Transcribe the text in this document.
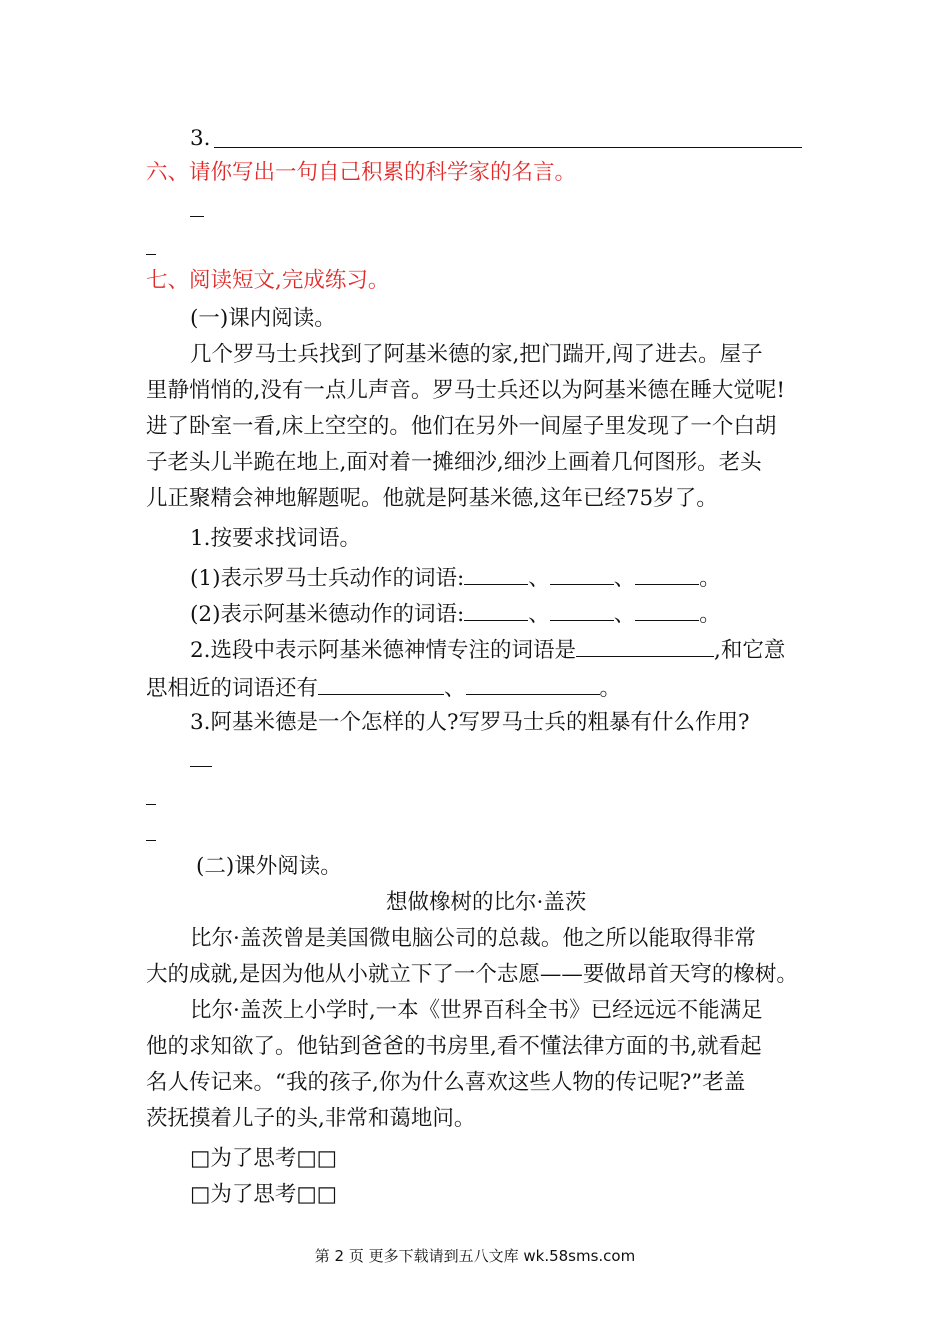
3.
六、请你写出一句自己积累的科学家的名言。
七、阅读短文,完成练习。
(一)课内阅读。
几个罗马士兵找到了阿基米德的家,把门踹开,闯了进去。屋子
里静悄悄的,没有一点儿声音。罗马士兵还以为阿基米德在睡大觉呢!
进了卧室一看,床上空空的。他们在另外一间屋子里发现了一个白胡
子老头儿半跪在地上,面对着一摊细沙,细沙上画着几何图形。老头
儿正聚精会神地解题呢。他就是阿基米德,这年已经75岁了。
1.按要求找词语。
(1)表示罗马士兵动作的词语:	、	、	。
(2)表示阿基米德动作的词语:	、	、	。
2.选段中表示阿基米德神情专注的词语是	,和它意
思相近的词语还有	、	。
3.阿基米德是一个怎样的人?写罗马士兵的粗暴有什么作用?
(二)课外阅读。
想做橡树的比尔·盖茨
比尔·盖茨曾是美国微电脑公司的总裁。他之所以能取得非常
大的成就,是因为他从小就立下了一个志愿——要做昂首天穹的橡树。
比尔·盖茨上小学时,一本《世界百科全书》已经远远不能满足
他的求知欲了。他钻到爸爸的书房里,看不懂法律方面的书,就看起
名人传记来。“我的孩子,你为什么喜欢这些人物的传记呢?”老盖
茨抚摸着儿子的头,非常和蔼地问。
□为了思考□□
□为了思考□□
第 2 页 更多下载请到五八文库 wk.58sms.com
